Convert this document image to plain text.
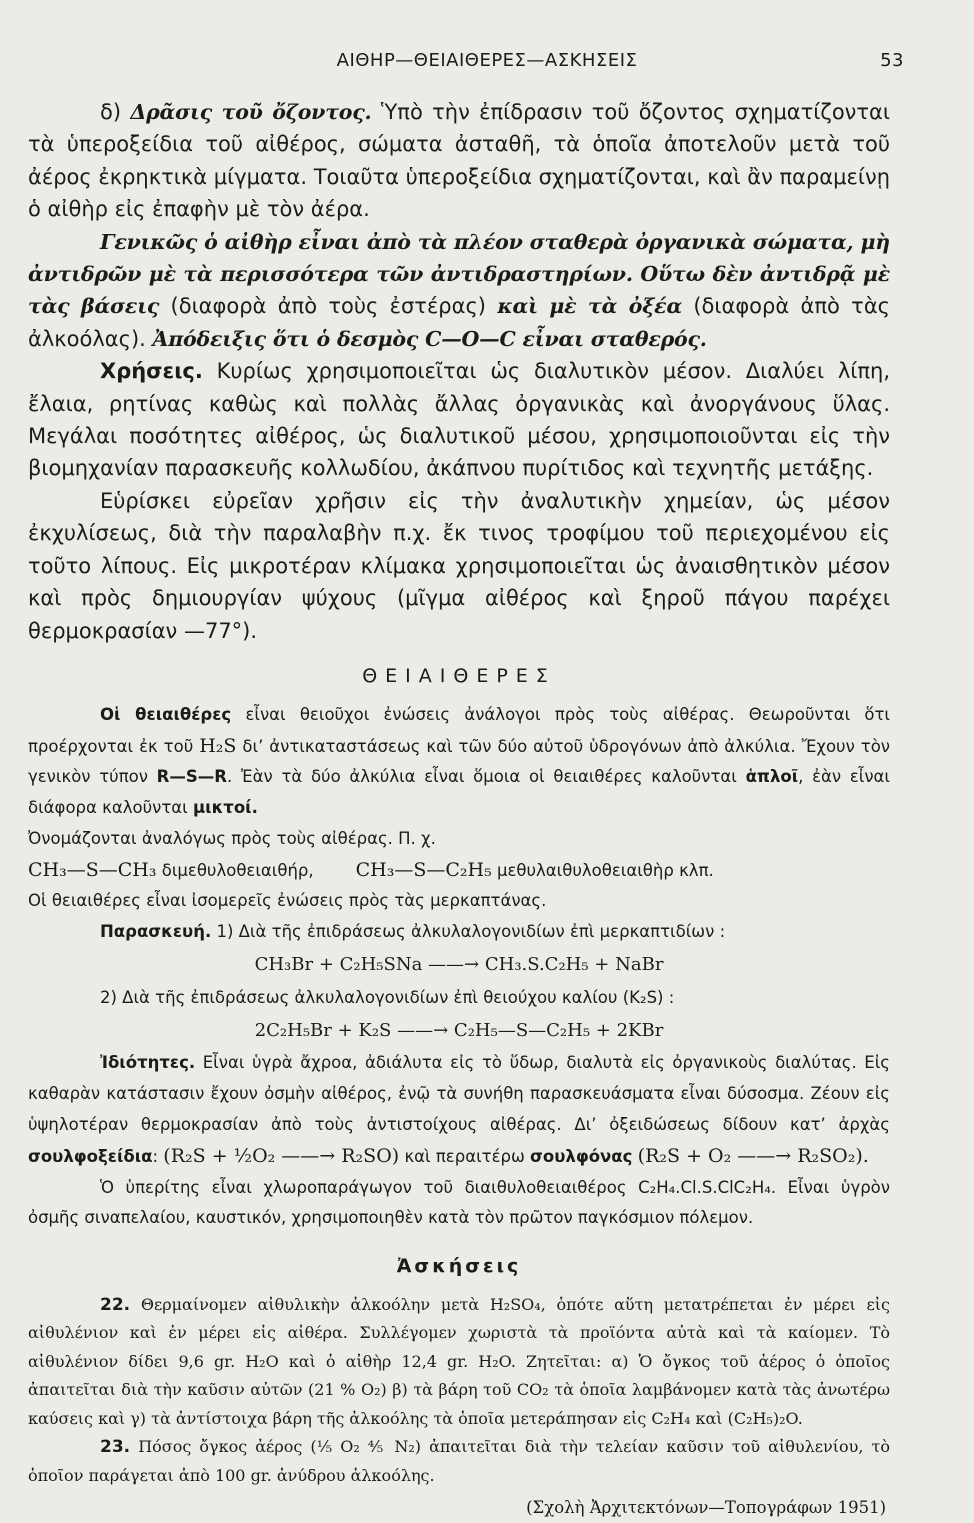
ΑΙΘΗΡ—ΘΕΙΑΙΘΕΡΕΣ—ΑΣΚΗΣΕΙΣ	53

δ) Δρᾶσις τοῦ ὄζοντος. Ὑπὸ τὴν ἐπίδρασιν τοῦ ὄζοντος σχηματίζονται τὰ ὑπεροξείδια τοῦ αἰθέρος, σώματα ἀσταθῆ, τὰ ὁποῖα ἀποτελοῦν μετὰ τοῦ ἀέρος ἐκρηκτικὰ μίγματα. Τοιαῦτα ὑπεροξείδια σχηματίζονται, καὶ ἂν παραμείνῃ ὁ αἰθὴρ εἰς ἐπαφὴν μὲ τὸν ἀέρα.

Γενικῶς ὁ αἰθὴρ εἶναι ἀπὸ τὰ πλέον σταθερὰ ὀργανικὰ σώματα, μὴ ἀντιδρῶν μὲ τὰ περισσότερα τῶν ἀντιδραστηρίων. Οὕτω δὲν ἀντιδρᾷ μὲ τὰς βάσεις (διαφορὰ ἀπὸ τοὺς ἐστέρας) καὶ μὲ τὰ ὀξέα (διαφορὰ ἀπὸ τὰς ἀλκοόλας). Ἀπόδειξις ὅτι ὁ δεσμὸς C—O—C εἶναι σταθερός.

Χρήσεις. Κυρίως χρησιμοποιεῖται ὡς διαλυτικὸν μέσον. Διαλύει λίπη, ἔλαια, ρητίνας καθὼς καὶ πολλὰς ἄλλας ὀργανικὰς καὶ ἀνοργάνους ὕλας. Μεγάλαι ποσότητες αἰθέρος, ὡς διαλυτικοῦ μέσου, χρησιμοποιοῦνται εἰς τὴν βιομηχανίαν παρασκευῆς κολλωδίου, ἀκάπνου πυρίτιδος καὶ τεχνητῆς μετάξης.

Εὑρίσκει εὐρεῖαν χρῆσιν εἰς τὴν ἀναλυτικὴν χημείαν, ὡς μέσον ἐκχυλίσεως, διὰ τὴν παραλαβὴν π.χ. ἔκ τινος τροφίμου τοῦ περιεχομένου εἰς τοῦτο λίπους. Εἰς μικροτέραν κλίμακα χρησιμοποιεῖται ὡς ἀναισθητικὸν μέσον καὶ πρὸς δημιουργίαν ψύχους (μῖγμα αἰθέρος καὶ ξηροῦ πάγου παρέχει θερμοκρασίαν —77°).

ΘΕΙΑΙΘΕΡΕΣ

Οἱ θειαιθέρες εἶναι θειοῦχοι ἐνώσεις ἀνάλογοι πρὸς τοὺς αἰθέρας. Θεωροῦνται ὅτι προέρχονται ἐκ τοῦ H₂S δι’ ἀντικαταστάσεως καὶ τῶν δύο αὐτοῦ ὑδρογόνων ἀπὸ ἀλκύλια. Ἔχουν τὸν γενικὸν τύπον R—S—R. Ἐὰν τὰ δύο ἀλκύλια εἶναι ὅμοια οἱ θειαιθέρες καλοῦνται ἁπλοῖ, ἐὰν εἶναι διάφορα καλοῦνται μικτοί.

Ὀνομάζονται ἀναλόγως πρὸς τοὺς αἰθέρας. Π. χ.

CH₃—S—CH₃ διμεθυλοθειαιθήρ, CH₃—S—C₂H₅ μεθυλαιθυλοθειαιθὴρ κλπ.

Οἱ θειαιθέρες εἶναι ἰσομερεῖς ἐνώσεις πρὸς τὰς μερκαπτάνας.

Παρασκευή. 1) Διὰ τῆς ἐπιδράσεως ἀλκυλαλογονιδίων ἐπὶ μερκαπτιδίων :

CH₃Br + C₂H₅SNa ——→ CH₃.S.C₂H₅ + NaBr

2) Διὰ τῆς ἐπιδράσεως ἀλκυλαλογονιδίων ἐπὶ θειούχου καλίου (K₂S) :

2C₂H₅Br + K₂S ——→ C₂H₅—S—C₂H₅ + 2KBr

Ἰδιότητες. Εἶναι ὑγρὰ ἄχροα, ἀδιάλυτα εἰς τὸ ὕδωρ, διαλυτὰ εἰς ὀργανικοὺς διαλύτας. Εἰς καθαρὰν κατάστασιν ἔχουν ὀσμὴν αἰθέρος, ἐνῷ τὰ συνήθη παρασκευάσματα εἶναι δύσοσμα. Ζέουν εἰς ὑψηλοτέραν θερμοκρασίαν ἀπὸ τοὺς ἀντιστοίχους αἰθέρας. Δι’ ὀξειδώσεως δίδουν κατ’ ἀρχὰς σουλφοξείδια: (R₂S + ½O₂ ——→ R₂SO) καὶ περαιτέρω σουλφόνας (R₂S + O₂ ——→ R₂SO₂).

Ὁ ὑπερίτης εἶναι χλωροπαράγωγον τοῦ διαιθυλοθειαιθέρος C₂H₄.Cl.S.ClC₂H₄. Εἶναι ὑγρὸν ὀσμῆς σιναπελαίου, καυστικόν, χρησιμοποιηθὲν κατὰ τὸν πρῶτον παγκόσμιον πόλεμον.

Ἀσκήσεις

22. Θερμαίνομεν αἰθυλικὴν ἀλκοόλην μετὰ H₂SO₄, ὁπότε αὕτη μετατρέπεται ἐν μέρει εἰς αἰθυλένιον καὶ ἐν μέρει εἰς αἰθέρα. Συλλέγομεν χωριστὰ τὰ προϊόντα αὐτὰ καὶ τὰ καίομεν. Τὸ αἰθυλένιον δίδει 9,6 gr. H₂O καὶ ὁ αἰθὴρ 12,4 gr. H₂O. Ζητεῖται: α) Ὁ ὄγκος τοῦ ἀέρος ὁ ὁποῖος ἀπαιτεῖται διὰ τὴν καῦσιν αὐτῶν (21 % O₂) β) τὰ βάρη τοῦ CO₂ τὰ ὁποῖα λαμβάνομεν κατὰ τὰς ἀνωτέρω καύσεις καὶ γ) τὰ ἀντίστοιχα βάρη τῆς ἀλκοόλης τὰ ὁποῖα μετεράπησαν εἰς C₂H₄ καὶ (C₂H₅)₂O.

23. Πόσος ὄγκος ἀέρος (⅕ O₂ ⅘ N₂) ἀπαιτεῖται διὰ τὴν τελείαν καῦσιν τοῦ αἰθυλενίου, τὸ ὁποῖον παράγεται ἀπὸ 100 gr. ἀνύδρου ἀλκοόλης.

(Σχολὴ Ἀρχιτεκτόνων—Τοπογράφων 1951)
